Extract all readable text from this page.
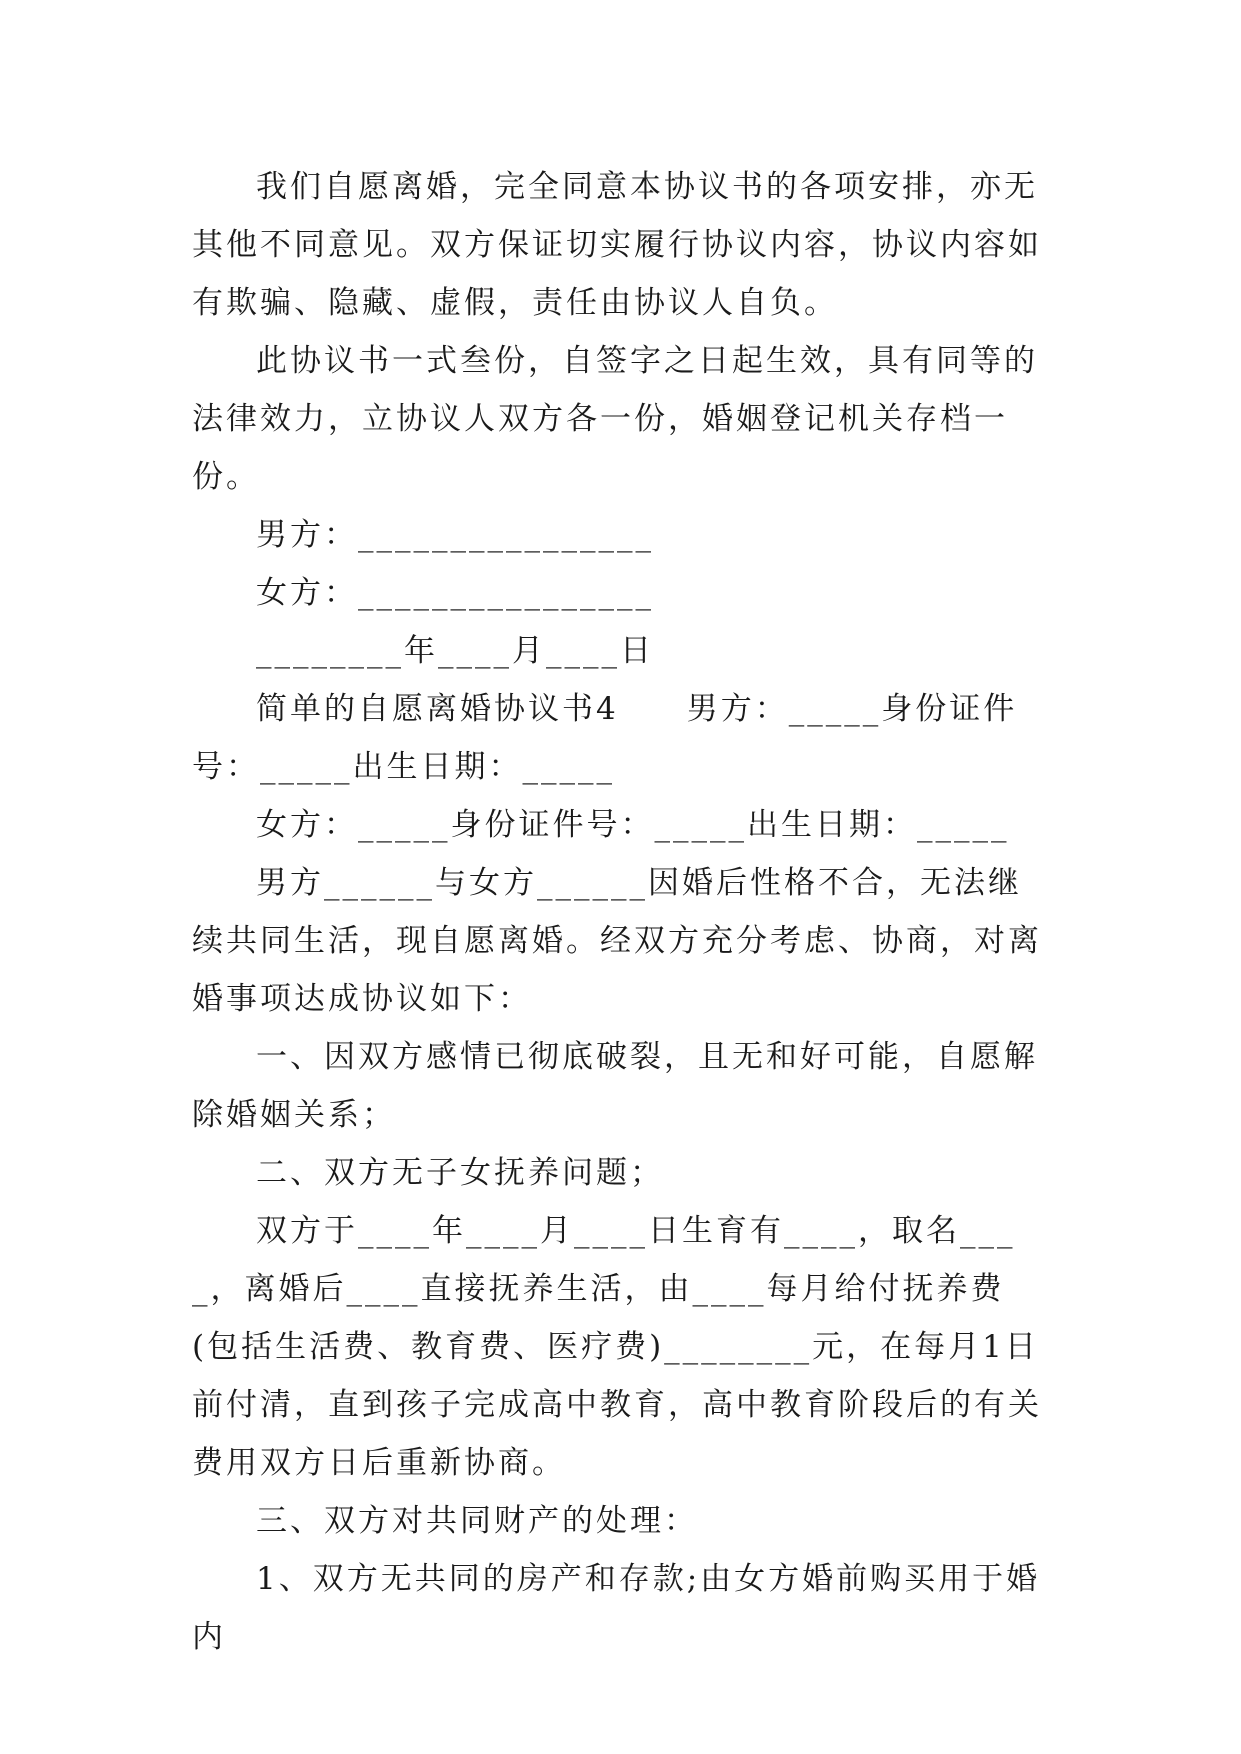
我们自愿离婚，完全同意本协议书的各项安排，亦无其他不同意见。双方保证切实履行协议内容，协议内容如有欺骗、隐藏、虚假，责任由协议人自负。

此协议书一式叁份，自签字之日起生效，具有同等的法律效力，立协议人双方各一份，婚姻登记机关存档一份。

男方：________________

女方：________________

________年____月____日

简单的自愿离婚协议书4　　男方：_____身份证件号：_____出生日期：_____

女方：_____身份证件号：_____出生日期：_____

男方______与女方______因婚后性格不合，无法继续共同生活，现自愿离婚。经双方充分考虑、协商，对离婚事项达成协议如下：

一、因双方感情已彻底破裂，且无和好可能，自愿解除婚姻关系；

二、双方无子女抚养问题；

双方于____年____月____日生育有____，取名____，离婚后____直接抚养生活，由____每月给付抚养费(包括生活费、教育费、医疗费)________元，在每月1日前付清，直到孩子完成高中教育，高中教育阶段后的有关费用双方日后重新协商。

三、双方对共同财产的处理：

1、双方无共同的房产和存款;由女方婚前购买用于婚内
